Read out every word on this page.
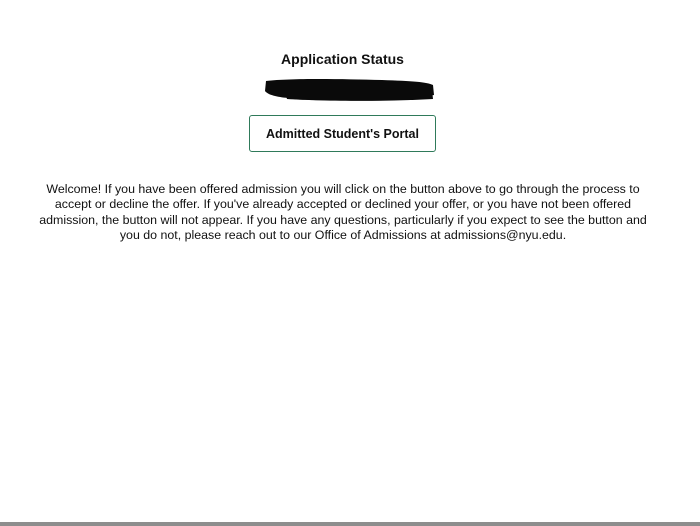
Application Status
Admitted Student's Portal

Welcome! If you have been offered admission you will click on the button above to go through the process to accept or decline the offer. If you've already accepted or declined your offer, or you have not been offered admission, the button will not appear. If you have any questions, particularly if you expect to see the button and you do not, please reach out to our Office of Admissions at admissions@nyu.edu.
